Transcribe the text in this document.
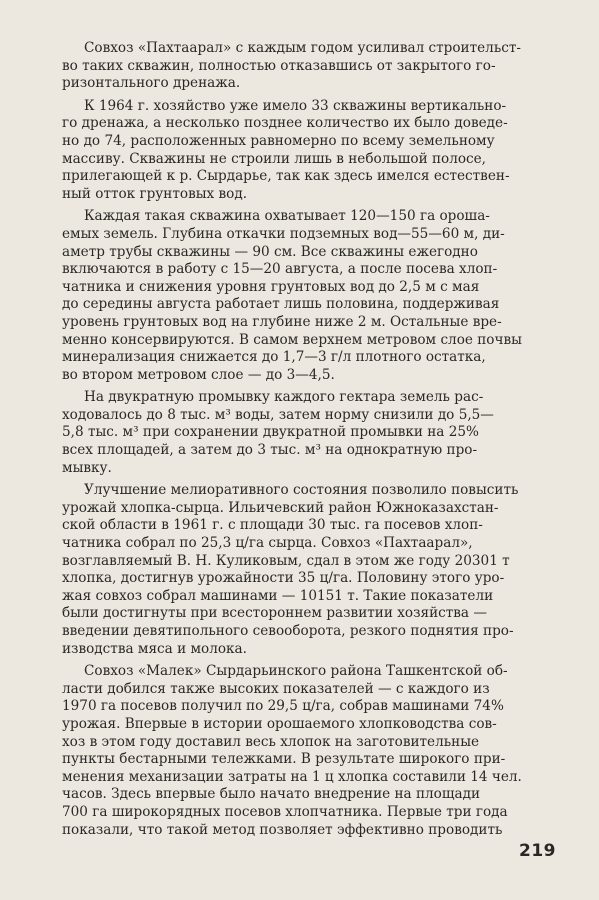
Совхоз «Пахтаарал» с каждым годом усиливал строительст-
во таких скважин, полностью отказавшись от закрытого го-
ризонтального дренажа.

К 1964 г. хозяйство уже имело 33 скважины вертикально-
го дренажа, а несколько позднее количество их было доведе-
но до 74, расположенных равномерно по всему земельному
массиву. Скважины не строили лишь в небольшой полосе,
прилегающей к р. Сырдарье, так как здесь имелся естествен-
ный отток грунтовых вод.

Каждая такая скважина охватывает 120—150 га ороша-
емых земель. Глубина откачки подземных вод—55—60 м, ди-
аметр трубы скважины — 90 см. Все скважины ежегодно
включаются в работу с 15—20 августа, а после посева хлоп-
чатника и снижения уровня грунтовых вод до 2,5 м с мая
до середины августа работает лишь половина, поддерживая
уровень грунтовых вод на глубине ниже 2 м. Остальные вре-
менно консервируются. В самом верхнем метровом слое почвы
минерализация снижается до 1,7—3 г/л плотного остатка,
во втором метровом слое — до 3—4,5.

На двукратную промывку каждого гектара земель рас-
ходовалось до 8 тыс. м³ воды, затем норму снизили до 5,5—
5,8 тыс. м³ при сохранении двукратной промывки на 25%
всех площадей, а затем до 3 тыс. м³ на однократную про-
мывку.

Улучшение мелиоративного состояния позволило повысить
урожай хлопка-сырца. Ильичевский район Южноказахстан-
ской области в 1961 г. с площади 30 тыс. га посевов хлоп-
чатника собрал по 25,3 ц/га сырца. Совхоз «Пахтаарал»,
возглавляемый В. Н. Куликовым, сдал в этом же году 20301 т
хлопка, достигнув урожайности 35 ц/га. Половину этого уро-
жая совхоз собрал машинами — 10151 т. Такие показатели
были достигнуты при всестороннем развитии хозяйства —
введении девятипольного севооборота, резкого поднятия про-
изводства мяса и молока.

Совхоз «Малек» Сырдарьинского района Ташкентской об-
ласти добился также высоких показателей — с каждого из
1970 га посевов получил по 29,5 ц/га, собрав машинами 74%
урожая. Впервые в истории орошаемого хлопководства сов-
хоз в этом году доставил весь хлопок на заготовительные
пункты бестарными тележками. В результате широкого при-
менения механизации затраты на 1 ц хлопка составили 14 чел.
часов. Здесь впервые было начато внедрение на площади
700 га широкорядных посевов хлопчатника. Первые три года
показали, что такой метод позволяет эффективно проводить

219
